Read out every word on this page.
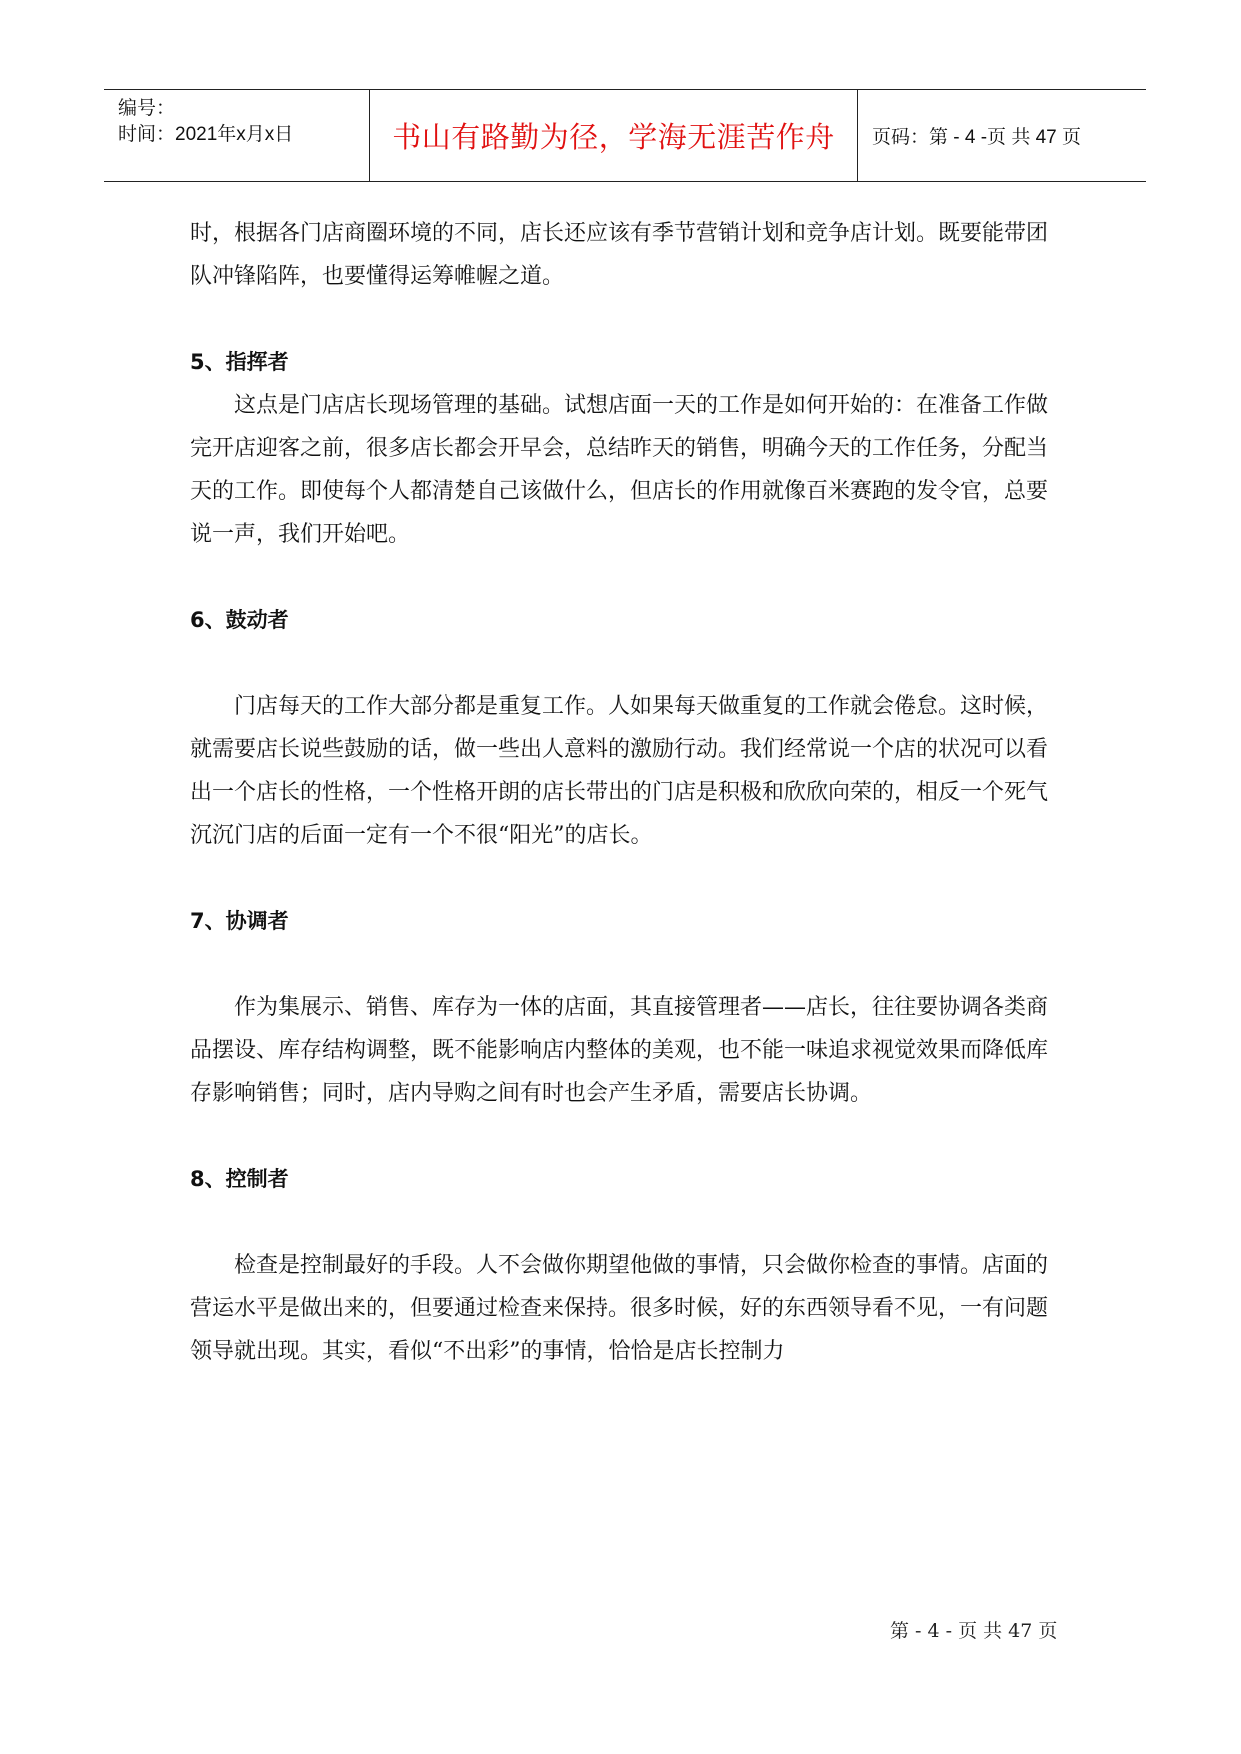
编号：
时间：2021年x月x日	书山有路勤为径，学海无涯苦作舟	页码：第 - 4 -页 共 47 页

时，根据各门店商圈环境的不同，店长还应该有季节营销计划和竞争店计划。既要能带团队冲锋陷阵，也要懂得运筹帷幄之道。

5、指挥者

这点是门店店长现场管理的基础。试想店面一天的工作是如何开始的：在准备工作做完开店迎客之前，很多店长都会开早会，总结昨天的销售，明确今天的工作任务，分配当天的工作。即使每个人都清楚自己该做什么，但店长的作用就像百米赛跑的发令官，总要说一声，我们开始吧。

6、鼓动者

门店每天的工作大部分都是重复工作。人如果每天做重复的工作就会倦怠。这时候，就需要店长说些鼓励的话，做一些出人意料的激励行动。我们经常说一个店的状况可以看出一个店长的性格，一个性格开朗的店长带出的门店是积极和欣欣向荣的，相反一个死气沉沉门店的后面一定有一个不很“阳光”的店长。

7、协调者

作为集展示、销售、库存为一体的店面，其直接管理者——店长，往往要协调各类商品摆设、库存结构调整，既不能影响店内整体的美观，也不能一味追求视觉效果而降低库存影响销售；同时，店内导购之间有时也会产生矛盾，需要店长协调。

8、控制者

检查是控制最好的手段。人不会做你期望他做的事情，只会做你检查的事情。店面的营运水平是做出来的，但要通过检查来保持。很多时候，好的东西领导看不见，一有问题领导就出现。其实，看似“不出彩”的事情，恰恰是店长控制力

第 - 4 - 页 共 47 页
